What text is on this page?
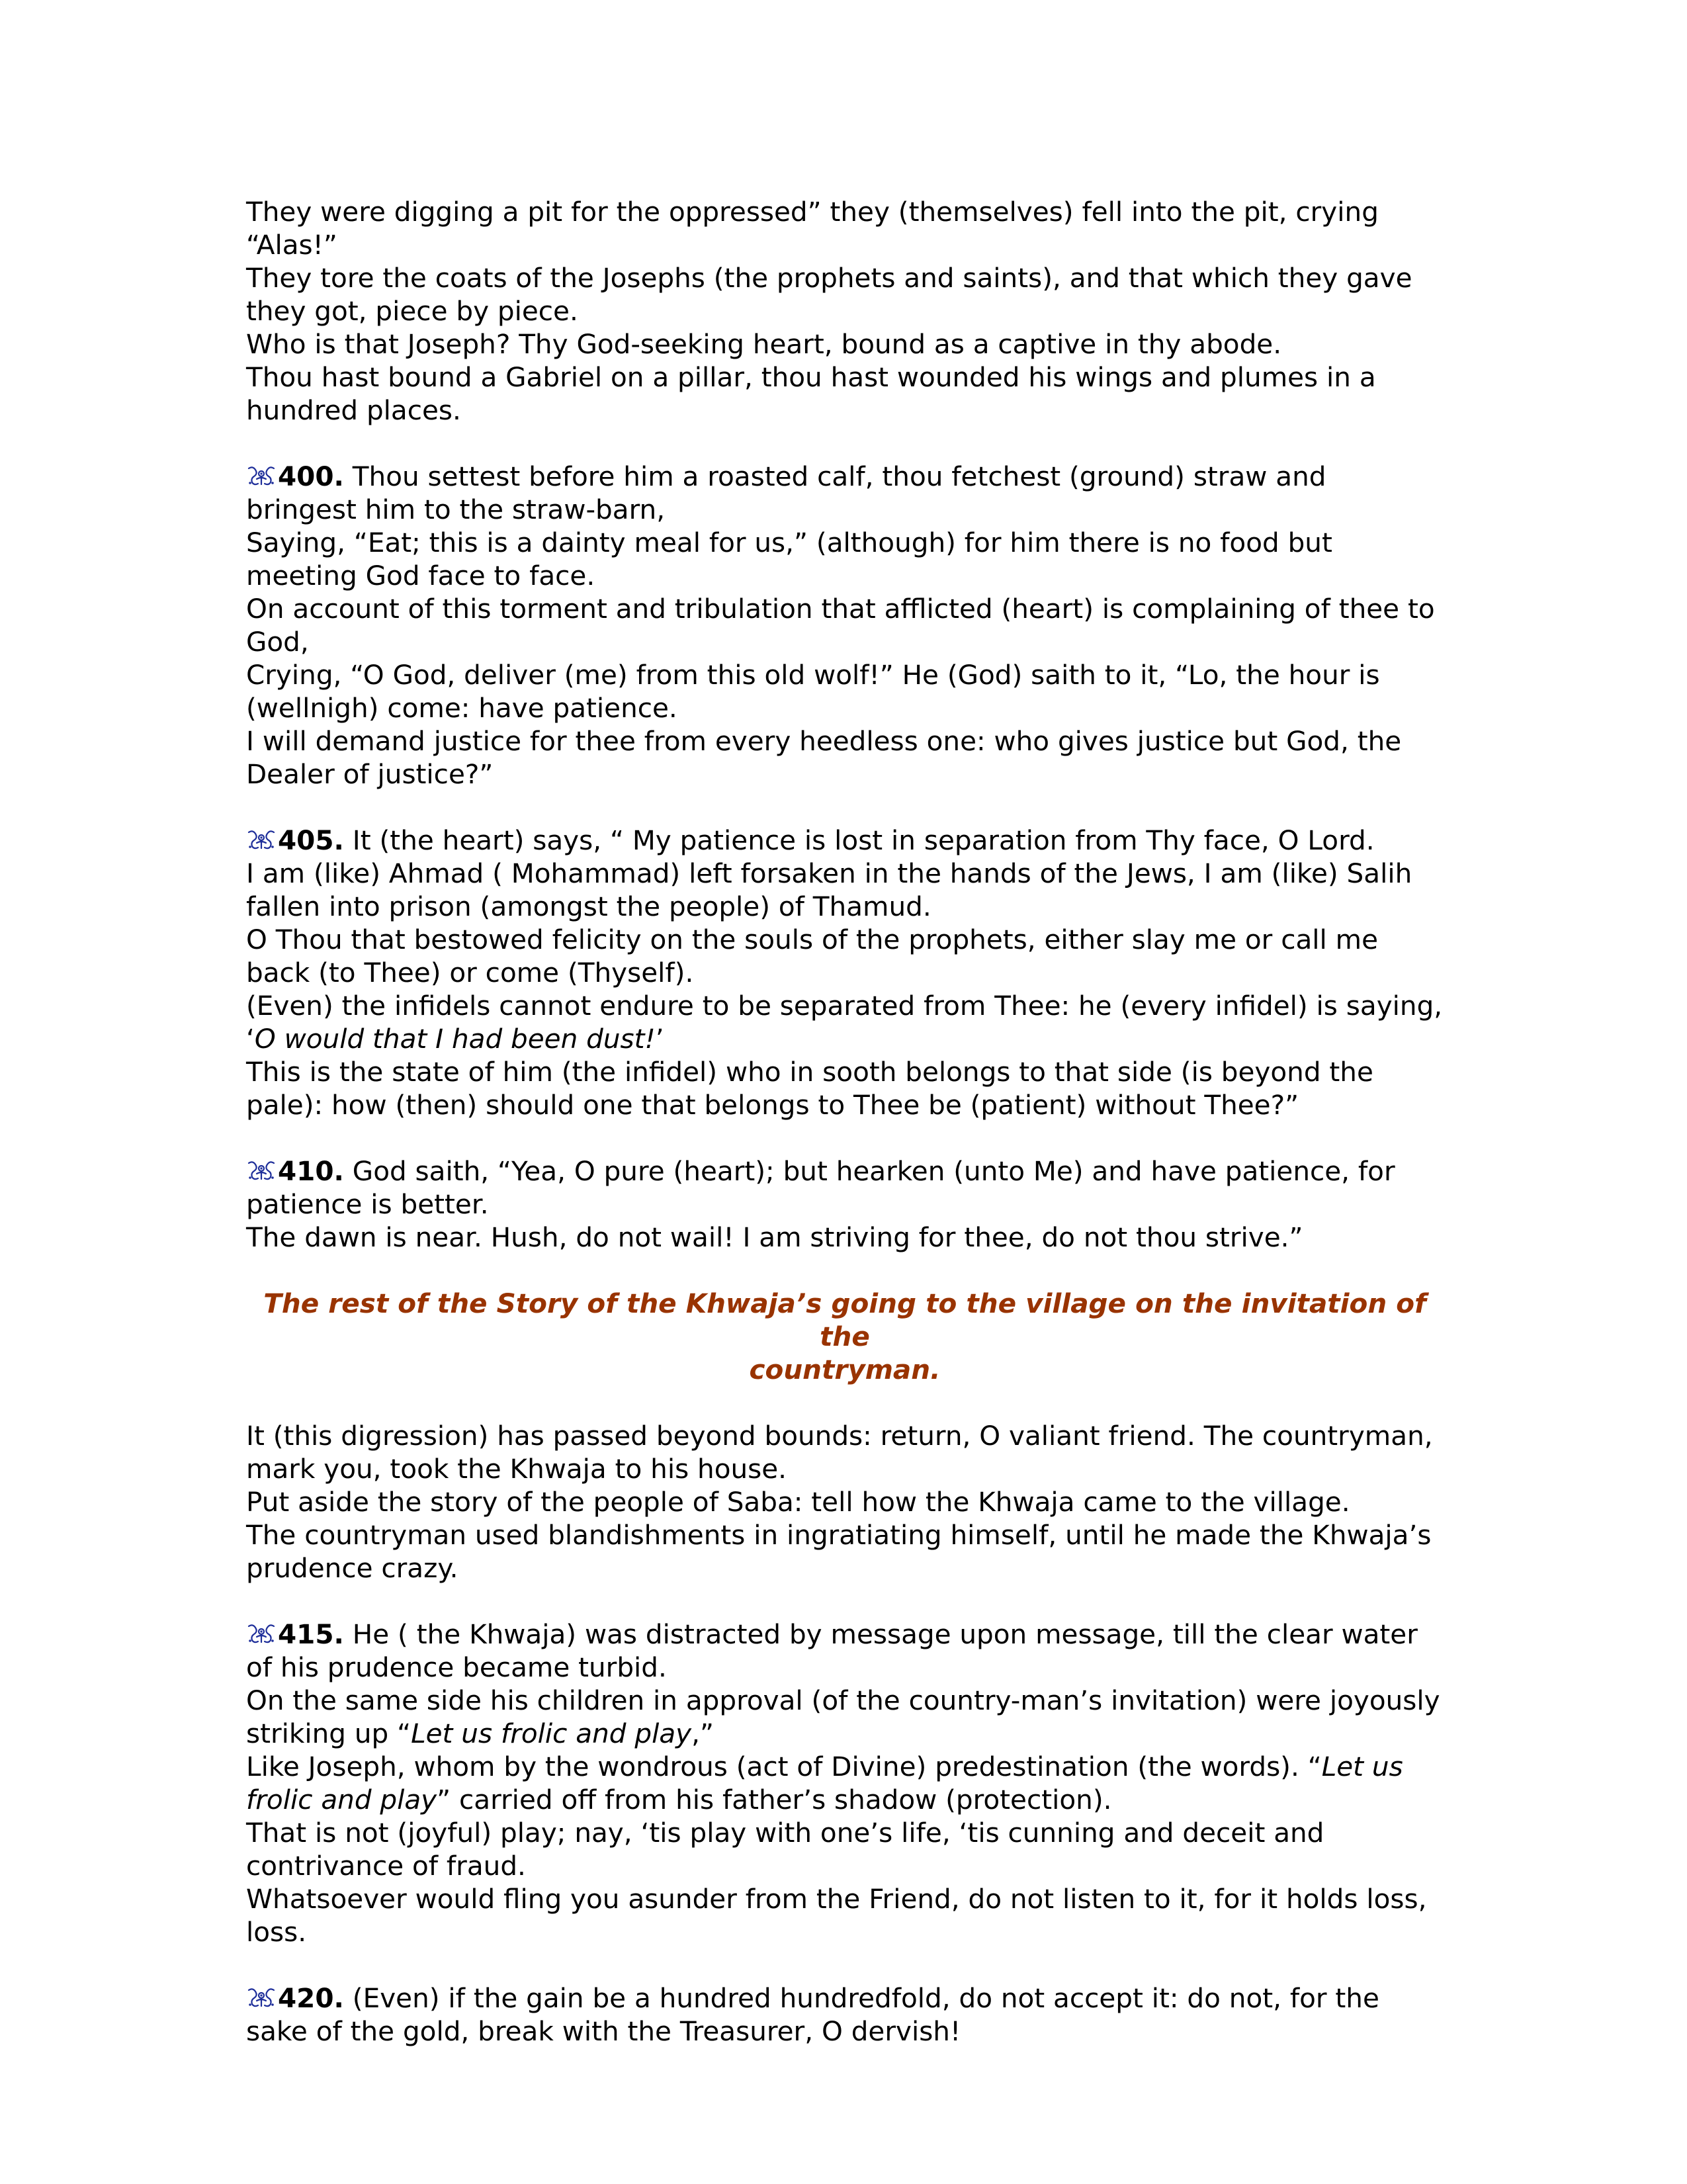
They were digging a pit for the oppressed” they (themselves) fell into the pit, crying “Alas!”
They tore the coats of the Josephs (the prophets and saints), and that which they gave they got, piece by piece.
Who is that Joseph? Thy God-seeking heart, bound as a captive in thy abode.
Thou hast bound a Gabriel on a pillar, thou hast wounded his wings and plumes in a hundred places.
400. Thou settest before him a roasted calf, thou fetchest (ground) straw and bringest him to the straw-barn,
Saying, “Eat; this is a dainty meal for us,” (although) for him there is no food but meeting God face to face.
On account of this torment and tribulation that afflicted (heart) is complaining of thee to God,
Crying, “O God, deliver (me) from this old wolf!” He (God) saith to it, “Lo, the hour is (wellnigh) come: have patience.
I will demand justice for thee from every heedless one: who gives justice but God, the Dealer of justice?”
405. It (the heart) says, “ My patience is lost in separation from Thy face, O Lord.
I am (like) Ahmad ( Mohammad) left forsaken in the hands of the Jews, I am (like) Salih fallen into prison (amongst the people) of Thamud.
O Thou that bestowed felicity on the souls of the prophets, either slay me or call me back (to Thee) or come (Thyself).
(Even) the infidels cannot endure to be separated from Thee: he (every infidel) is saying, ‘O would that I had been dust!’
This is the state of him (the infidel) who in sooth belongs to that side (is beyond the pale): how (then) should one that belongs to Thee be (patient) without Thee?”
410. God saith, “Yea, O pure (heart); but hearken (unto Me) and have patience, for patience is better.
The dawn is near. Hush, do not wail! I am striving for thee, do not thou strive.”
The rest of the Story of the Khwaja’s going to the village on the invitation of the
countryman.
It (this digression) has passed beyond bounds: return, O valiant friend. The countryman, mark you, took the Khwaja to his house.
Put aside the story of the people of Saba: tell how the Khwaja came to the village.
The countryman used blandishments in ingratiating himself, until he made the Khwaja’s prudence crazy.
415. He ( the Khwaja) was distracted by message upon message, till the clear water of his prudence became turbid.
On the same side his children in approval (of the country-man’s invitation) were joyously striking up “Let us frolic and play,”
Like Joseph, whom by the wondrous (act of Divine) predestination (the words). “Let us frolic and play” carried off from his father’s shadow (protection).
That is not (joyful) play; nay, ‘tis play with one’s life, ‘tis cunning and deceit and contrivance of fraud.
Whatsoever would fling you asunder from the Friend, do not listen to it, for it holds loss, loss.
420. (Even) if the gain be a hundred hundredfold, do not accept it: do not, for the sake of the gold, break with the Treasurer, O dervish!
